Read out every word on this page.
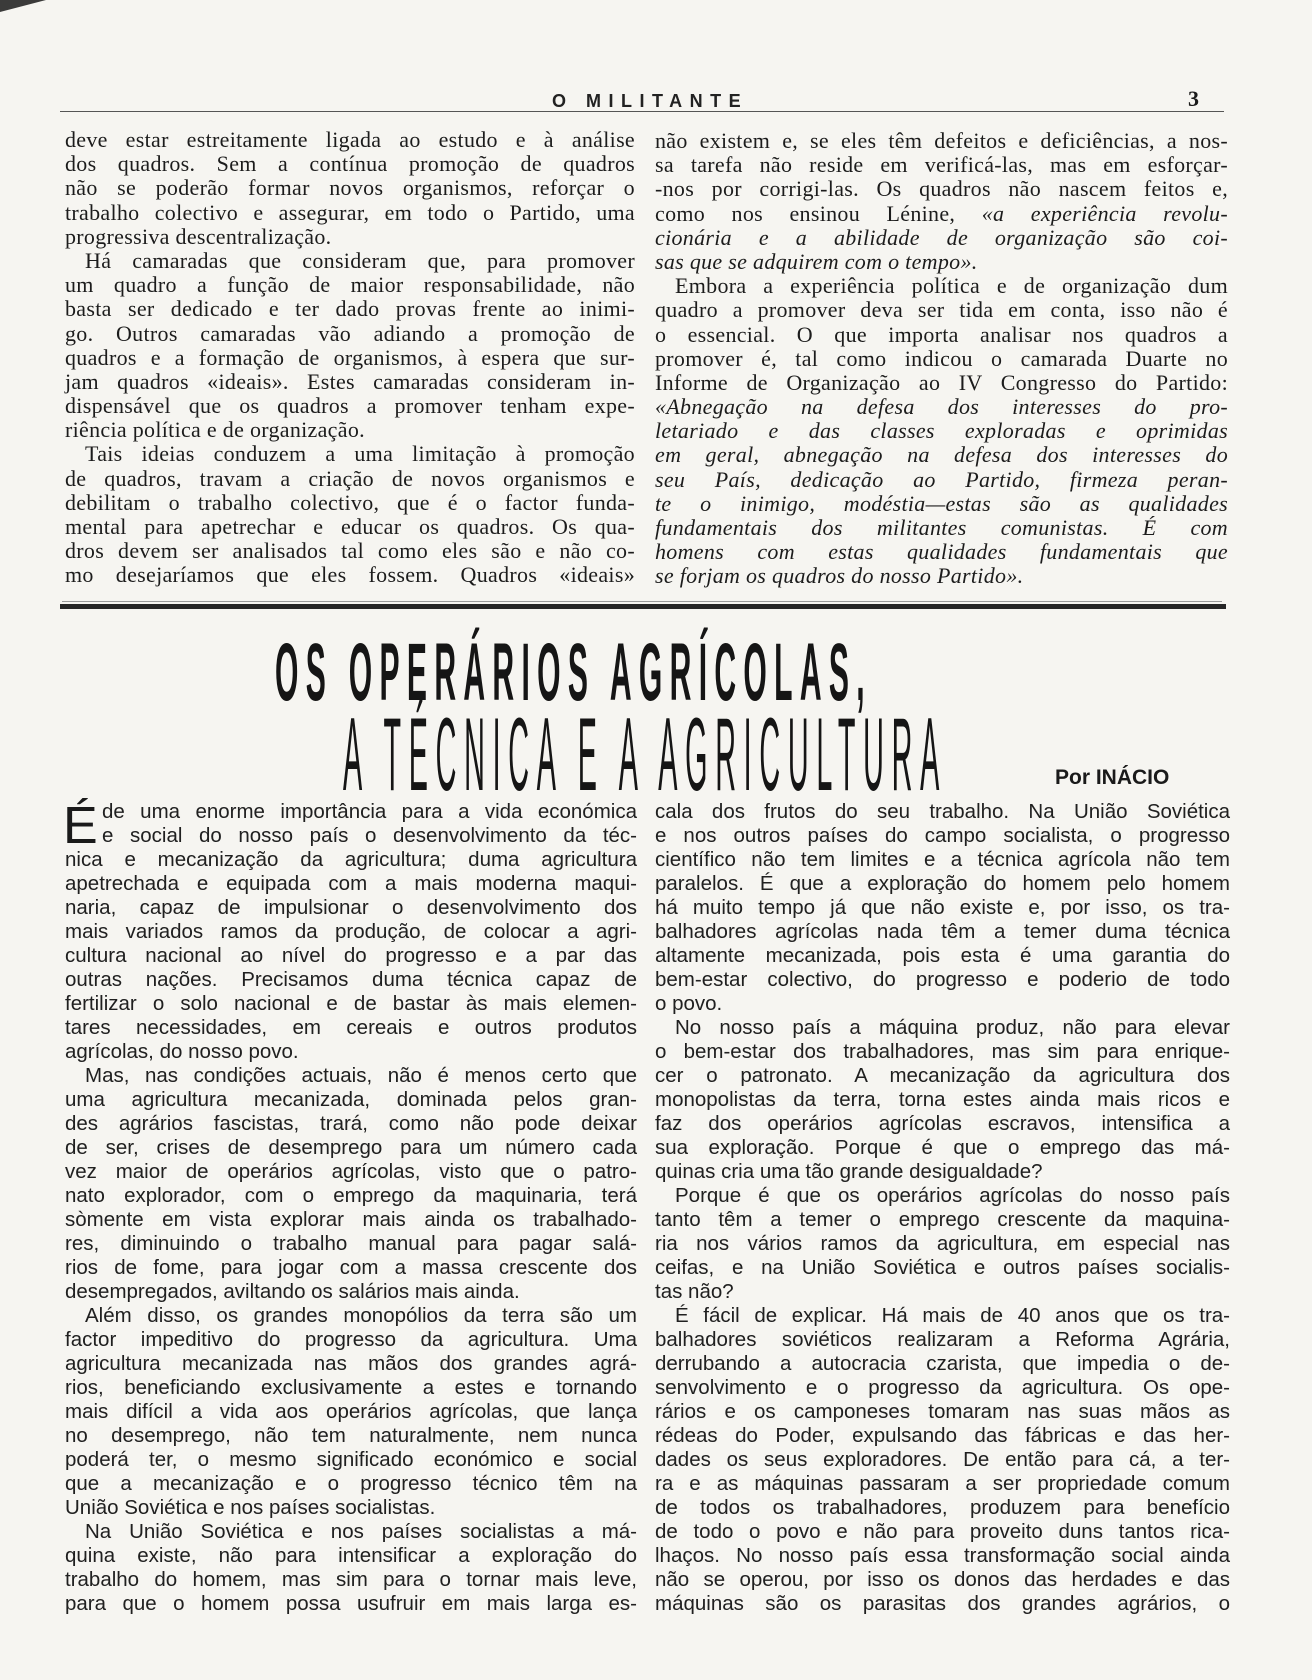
O MILITANTE	3
deve estar estreitamente ligada ao estudo e à análise
dos quadros. Sem a contínua promoção de quadros
não se poderão formar novos organismos, reforçar o
trabalho colectivo e assegurar, em todo o Partido, uma
progressiva descentralização.
Há camaradas que consideram que, para promover
um quadro a função de maior responsabilidade, não
basta ser dedicado e ter dado provas frente ao inimi-
go. Outros camaradas vão adiando a promoção de
quadros e a formação de organismos, à espera que sur-
jam quadros «ideais». Estes camaradas consideram in-
dispensável que os quadros a promover tenham expe-
riência política e de organização.
Tais ideias conduzem a uma limitação à promoção
de quadros, travam a criação de novos organismos e
debilitam o trabalho colectivo, que é o factor funda-
mental para apetrechar e educar os quadros. Os qua-
dros devem ser analisados tal como eles são e não co-
mo desejaríamos que eles fossem. Quadros «ideais»
não existem e, se eles têm defeitos e deficiências, a nos-
sa tarefa não reside em verificá-las, mas em esforçar-
-nos por corrigi-las. Os quadros não nascem feitos e,
como nos ensinou Lénine, «a experiência revolu-
cionária e a abilidade de organização são coi-
sas que se adquirem com o tempo».
Embora a experiência política e de organização dum
quadro a promover deva ser tida em conta, isso não é
o essencial. O que importa analisar nos quadros a
promover é, tal como indicou o camarada Duarte no
Informe de Organização ao IV Congresso do Partido:
«Abnegação na defesa dos interesses do pro-
letariado e das classes exploradas e oprimidas
em geral, abnegação na defesa dos interesses do
seu País, dedicação ao Partido, firmeza peran-
te o inimigo, modéstia—estas são as qualidades
fundamentais dos militantes comunistas. É com
homens com estas qualidades fundamentais que
se forjam os quadros do nosso Partido».
OS OPERÁRIOS AGRÍCOLAS,
A TÉCNICA E A AGRICULTURA	Por INÁCIO
É de uma enorme importância para a vida económica
e social do nosso país o desenvolvimento da téc-
nica e mecanização da agricultura; duma agricultura
apetrechada e equipada com a mais moderna maqui-
naria, capaz de impulsionar o desenvolvimento dos
mais variados ramos da produção, de colocar a agri-
cultura nacional ao nível do progresso e a par das
outras nações. Precisamos duma técnica capaz de
fertilizar o solo nacional e de bastar às mais elemen-
tares necessidades, em cereais e outros produtos
agrícolas, do nosso povo.
Mas, nas condições actuais, não é menos certo que
uma agricultura mecanizada, dominada pelos gran-
des agrários fascistas, trará, como não pode deixar
de ser, crises de desemprego para um número cada
vez maior de operários agrícolas, visto que o patro-
nato explorador, com o emprego da maquinaria, terá
sòmente em vista explorar mais ainda os trabalhado-
res, diminuindo o trabalho manual para pagar salá-
rios de fome, para jogar com a massa crescente dos
desempregados, aviltando os salários mais ainda.
Além disso, os grandes monopólios da terra são um
factor impeditivo do progresso da agricultura. Uma
agricultura mecanizada nas mãos dos grandes agrá-
rios, beneficiando exclusivamente a estes e tornando
mais difícil a vida aos operários agrícolas, que lança
no desemprego, não tem naturalmente, nem nunca
poderá ter, o mesmo significado económico e social
que a mecanização e o progresso técnico têm na
União Soviética e nos países socialistas.
Na União Soviética e nos países socialistas a má-
quina existe, não para intensificar a exploração do
trabalho do homem, mas sim para o tornar mais leve,
para que o homem possa usufruir em mais larga es-
cala dos frutos do seu trabalho. Na União Soviética
e nos outros países do campo socialista, o progresso
científico não tem limites e a técnica agrícola não tem
paralelos. É que a exploração do homem pelo homem
há muito tempo já que não existe e, por isso, os tra-
balhadores agrícolas nada têm a temer duma técnica
altamente mecanizada, pois esta é uma garantia do
bem-estar colectivo, do progresso e poderio de todo
o povo.
No nosso país a máquina produz, não para elevar
o bem-estar dos trabalhadores, mas sim para enrique-
cer o patronato. A mecanização da agricultura dos
monopolistas da terra, torna estes ainda mais ricos e
faz dos operários agrícolas escravos, intensifica a
sua exploração. Porque é que o emprego das má-
quinas cria uma tão grande desigualdade?
Porque é que os operários agrícolas do nosso país
tanto têm a temer o emprego crescente da maquina-
ria nos vários ramos da agricultura, em especial nas
ceifas, e na União Soviética e outros países socialis-
tas não?
É fácil de explicar. Há mais de 40 anos que os tra-
balhadores soviéticos realizaram a Reforma Agrária,
derrubando a autocracia czarista, que impedia o de-
senvolvimento e o progresso da agricultura. Os ope-
rários e os camponeses tomaram nas suas mãos as
rédeas do Poder, expulsando das fábricas e das her-
dades os seus exploradores. De então para cá, a ter-
ra e as máquinas passaram a ser propriedade comum
de todos os trabalhadores, produzem para benefício
de todo o povo e não para proveito duns tantos rica-
lhaços. No nosso país essa transformação social ainda
não se operou, por isso os donos das herdades e das
máquinas são os parasitas dos grandes agrários, o
